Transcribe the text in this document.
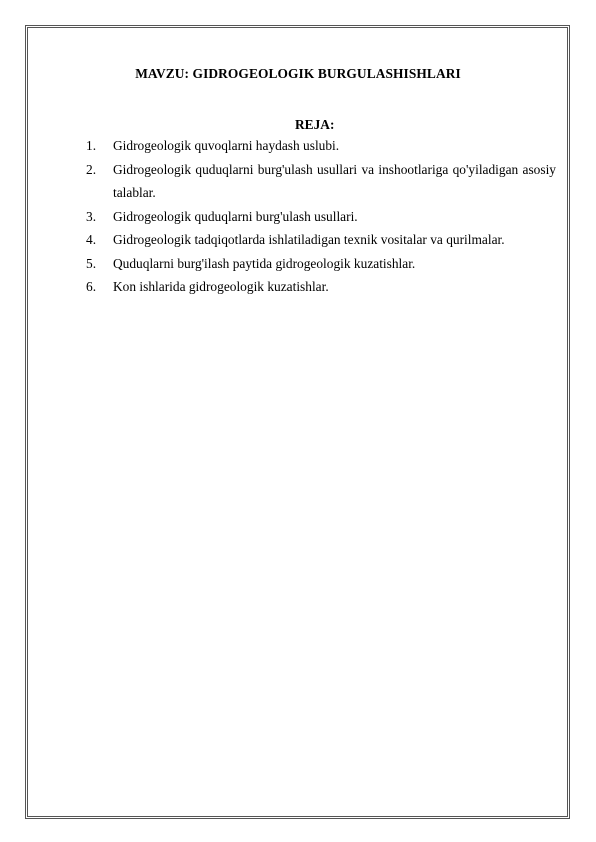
MAVZU: GIDROGEOLOGIK BURGULASHISHLARI
REJA:
1.	Gidrogeologik quvoqlarni haydash uslubi.
2.	Gidrogeologik quduqlarni burg'ulash usullari va inshootlariga qo'yiladigan asosiy talablar.
3.	Gidrogeologik quduqlarni burg'ulash usullari.
4.	Gidrogeologik tadqiqotlarda ishlatiladigan texnik vositalar va qurilmalar.
5.	Quduqlarni burg'ilash paytida gidrogeologik kuzatishlar.
6.	Kon ishlarida gidrogeologik kuzatishlar.
